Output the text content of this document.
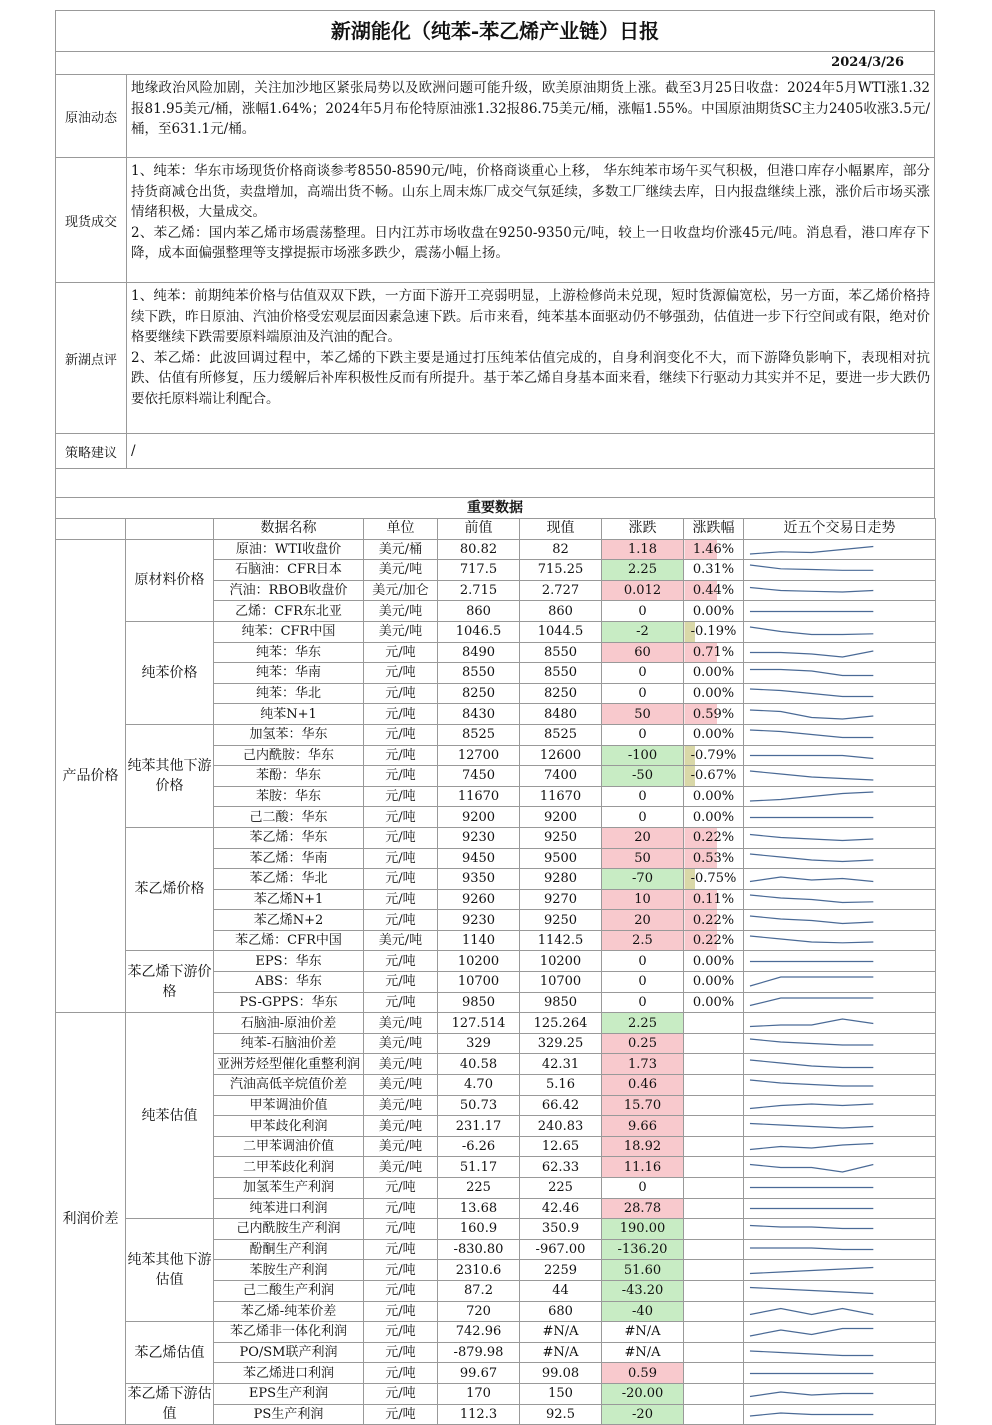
新湖能化（纯苯-苯乙烯产业链）日报
2024/3/26
原油动态
地缘政治风险加剧，关注加沙地区紧张局势以及欧洲问题可能升级，欧美原油期货上涨。截至3月25日收盘：2024年5月WTI涨1.32报81.95美元/桶，涨幅1.64%；2024年5月布伦特原油涨1.32报86.75美元/桶，涨幅1.55%。中国原油期货SC主力2405收涨3.5元/桶，至631.1元/桶。
现货成交

1、纯苯：华东市场现货价格商谈参考8550-8590元/吨，价格商谈重心上移， 华东纯苯市场午买气积极，但港口库存小幅累库，部分持货商减仓出货，卖盘增加，高端出货不畅。山东上周末炼厂成交气氛延续，多数工厂继续去库，日内报盘继续上涨，涨价后市场买涨情绪积极，大量成交。

2、苯乙烯：国内苯乙烯市场震荡整理。日内江苏市场收盘在9250-9350元/吨，较上一日收盘均价涨45元/吨。消息看，港口库存下降，成本面偏强整理等支撑提振市场涨多跌少，震荡小幅上扬。

新湖点评

1、纯苯：前期纯苯价格与估值双双下跌，一方面下游开工亮弱明显，上游检修尚未兑现，短时货源偏宽松，另一方面，苯乙烯价格持续下跌，昨日原油、汽油价格受宏观层面因素急速下跌。后市来看，纯苯基本面驱动仍不够强劲，估值进一步下行空间或有限，绝对价格要继续下跌需要原料端原油及汽油的配合。

2、苯乙烯：此波回调过程中，苯乙烯的下跌主要是通过打压纯苯估值完成的，自身利润变化不大，而下游降负影响下，表现相对抗跌、估值有所修复，压力缓解后补库积极性反而有所提升。基于苯乙烯自身基本面来看，继续下行驱动力其实并不足，要进一步大跌仍要依托原料端让利配合。

策略建议	/
重要数据
		数据名称	单位	前值	现值	涨跌	涨跌幅	近五个交易日走势
产品价格	原材料价格	原油：WTI收盘价	美元/桶	80.82	82	1.18	1.46%	

		石脑油：CFR日本	美元/吨	717.5	715.25	2.25	0.31%	

		汽油：RBOB收盘价	美元/加仑	2.715	2.727	0.012	0.44%	

		乙烯：CFR东北亚	美元/吨	860	860	0	0.00%	

	纯苯价格	纯苯：CFR中国	美元/吨	1046.5	1044.5	-2	-0.19%	

		纯苯：华东	元/吨	8490	8550	60	0.71%	

		纯苯：华南	元/吨	8550	8550	0	0.00%	

		纯苯：华北	元/吨	8250	8250	0	0.00%	

		纯苯N+1	元/吨	8430	8480	50	0.59%	

	纯苯其他下游价格	加氢苯：华东	元/吨	8525	8525	0	0.00%	

		己内酰胺：华东	元/吨	12700	12600	-100	-0.79%	

		苯酚：华东	元/吨	7450	7400	-50	-0.67%	

		苯胺：华东	元/吨	11670	11670	0	0.00%	

		己二酸：华东	元/吨	9200	9200	0	0.00%	

	苯乙烯价格	苯乙烯：华东	元/吨	9230	9250	20	0.22%	

		苯乙烯：华南	元/吨	9450	9500	50	0.53%	

		苯乙烯：华北	元/吨	9350	9280	-70	-0.75%	

		苯乙烯N+1	元/吨	9260	9270	10	0.11%	

		苯乙烯N+2	元/吨	9230	9250	20	0.22%	

		苯乙烯：CFR中国	美元/吨	1140	1142.5	2.5	0.22%	

	苯乙烯下游价格	EPS：华东	元/吨	10200	10200	0	0.00%	

		ABS：华东	元/吨	10700	10700	0	0.00%	

		PS-GPPS：华东	元/吨	9850	9850	0	0.00%	

利润价差	纯苯估值	石脑油-原油价差	美元/吨	127.514	125.264	2.25		

		纯苯-石脑油价差	美元/吨	329	329.25	0.25		

		亚洲芳烃型催化重整利润	美元/吨	40.58	42.31	1.73		

		汽油高低辛烷值价差	美元/吨	4.70	5.16	0.46		

		甲苯调油价值	美元/吨	50.73	66.42	15.70		

		甲苯歧化利润	美元/吨	231.17	240.83	9.66		

		二甲苯调油价值	美元/吨	-6.26	12.65	18.92		

		二甲苯歧化利润	美元/吨	51.17	62.33	11.16		

		加氢苯生产利润	元/吨	225	225	0		

		纯苯进口利润	元/吨	13.68	42.46	28.78		

	纯苯其他下游估值	己内酰胺生产利润	元/吨	160.9	350.9	190.00		

		酚酮生产利润	元/吨	-830.80	-967.00	-136.20		

		苯胺生产利润	元/吨	2310.6	2259	51.60		

		己二酸生产利润	元/吨	87.2	44	-43.20		

		苯乙烯-纯苯价差	元/吨	720	680	-40		

	苯乙烯估值	苯乙烯非一体化利润	元/吨	742.96	#N/A	#N/A		

		PO/SM联产利润	元/吨	-879.98	#N/A	#N/A		

		苯乙烯进口利润	元/吨	99.67	99.08	0.59		

	苯乙烯下游估值	EPS生产利润	元/吨	170	150	-20.00		

		PS生产利润	元/吨	112.3	92.5	-20		
